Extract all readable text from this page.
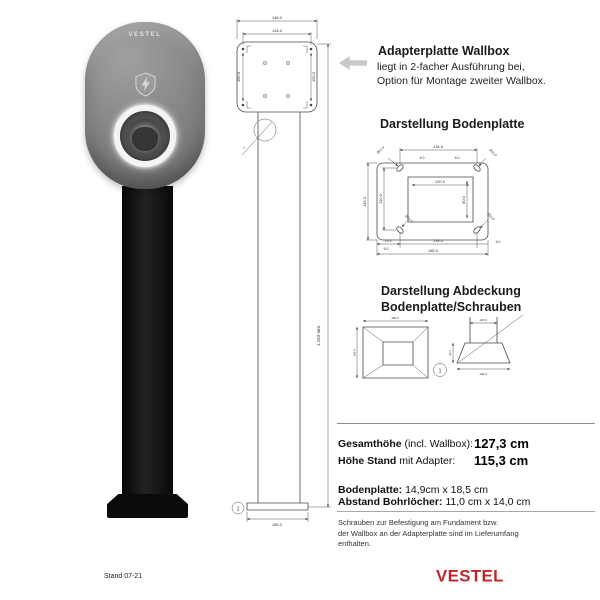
VESTEL
146.0
134.0
150.0	150.0
1
1.153 mm
185.0
1
Adapterplatte Wallbox
liegt in 2-facher Ausführung bei,
Option für Montage zweiter Wallbox.
Darstellung Bodenplatte
Ø11.0	Ø11.0
Ø11.0	Ø11.0
134.0
6.0	6.0
149.0	110.0
120.0
80.0
19.5	134.0	6.0
6.0	185.0
Darstellung Abdeckung
Bodenplatte/Schrauben
185.0
149.0
1
120.0
20.1
149.0
Gesamthöhe (incl. Wallbox): 127,3 cm
Höhe Stand mit Adapter: 115,3 cm
Bodenplatte: 14,9cm x 18,5 cm
Abstand Bohrlöcher: 11,0 cm x 14,0 cm
Schrauben zur Befestigung am Fundament bzw.
der Wallbox an der Adapterplatte sind im Lieferumfang
enthalten.
Stand 07-21	VESTEL
